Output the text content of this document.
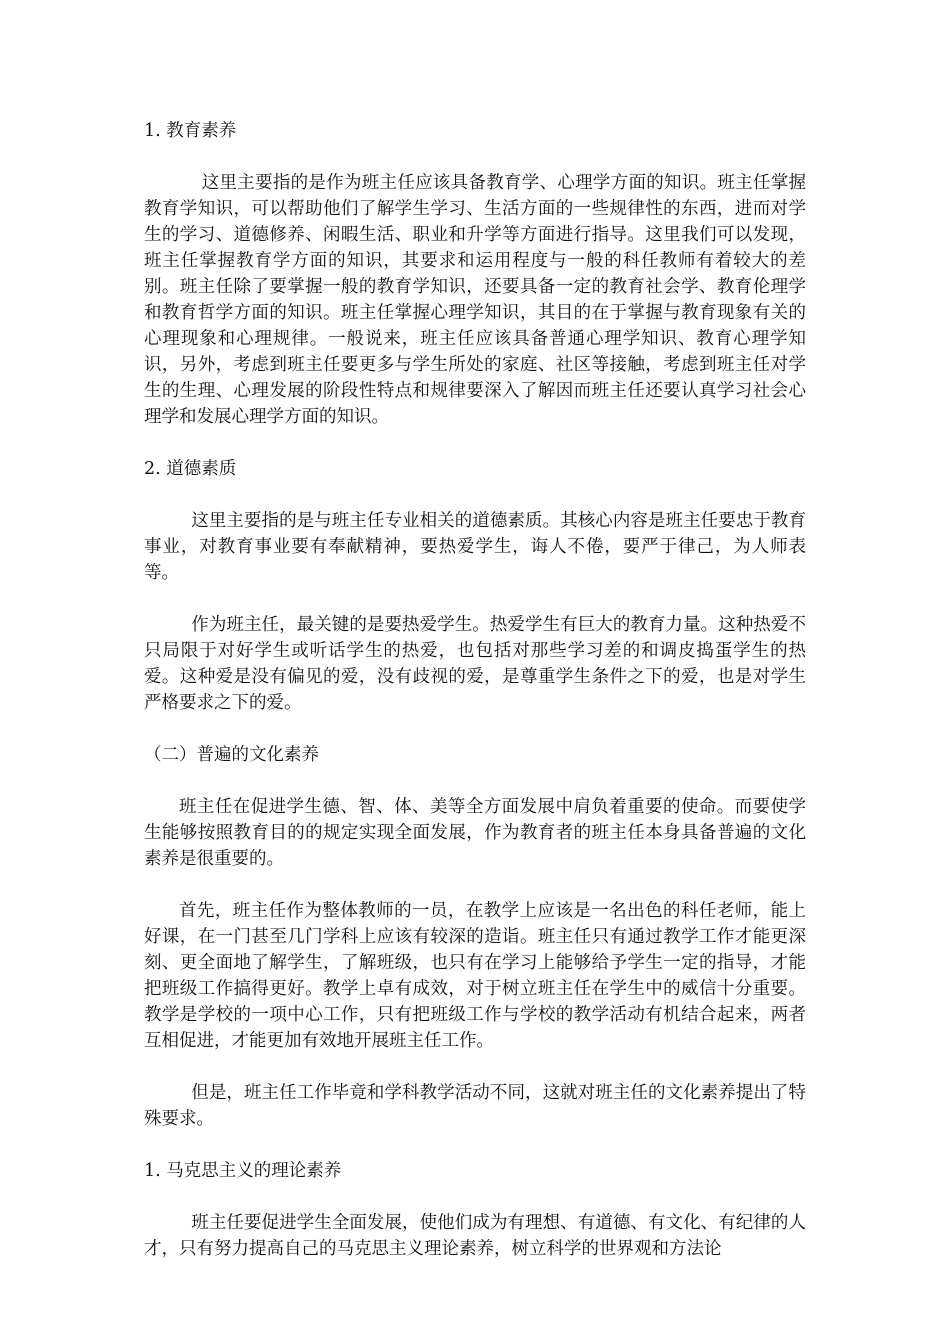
1. 教育素养

这里主要指的是作为班主任应该具备教育学、心理学方面的知识。班主任掌握教育学知识，可以帮助他们了解学生学习、生活方面的一些规律性的东西，进而对学生的学习、道德修养、闲暇生活、职业和升学等方面进行指导。这里我们可以发现，班主任掌握教育学方面的知识，其要求和运用程度与一般的科任教师有着较大的差别。班主任除了要掌握一般的教育学知识，还要具备一定的教育社会学、教育伦理学和教育哲学方面的知识。班主任掌握心理学知识，其目的在于掌握与教育现象有关的心理现象和心理规律。一般说来，班主任应该具备普通心理学知识、教育心理学知识，另外，考虑到班主任要更多与学生所处的家庭、社区等接触，考虑到班主任对学生的生理、心理发展的阶段性特点和规律要深入了解因而班主任还要认真学习社会心理学和发展心理学方面的知识。

2. 道德素质

这里主要指的是与班主任专业相关的道德素质。其核心内容是班主任要忠于教育事业，对教育事业要有奉献精神，要热爱学生，诲人不倦，要严于律己，为人师表等。

作为班主任，最关键的是要热爱学生。热爱学生有巨大的教育力量。这种热爱不只局限于对好学生或听话学生的热爱，也包括对那些学习差的和调皮捣蛋学生的热爱。这种爱是没有偏见的爱，没有歧视的爱，是尊重学生条件之下的爱，也是对学生严格要求之下的爱。

（二）普遍的文化素养

班主任在促进学生德、智、体、美等全方面发展中肩负着重要的使命。而要使学生能够按照教育目的的规定实现全面发展，作为教育者的班主任本身具备普遍的文化素养是很重要的。

首先，班主任作为整体教师的一员，在教学上应该是一名出色的科任老师，能上好课，在一门甚至几门学科上应该有较深的造诣。班主任只有通过教学工作才能更深刻、更全面地了解学生，了解班级，也只有在学习上能够给予学生一定的指导，才能把班级工作搞得更好。教学上卓有成效，对于树立班主任在学生中的威信十分重要。教学是学校的一项中心工作，只有把班级工作与学校的教学活动有机结合起来，两者互相促进，才能更加有效地开展班主任工作。

但是，班主任工作毕竟和学科教学活动不同，这就对班主任的文化素养提出了特殊要求。

1. 马克思主义的理论素养

班主任要促进学生全面发展，使他们成为有理想、有道德、有文化、有纪律的人才，只有努力提高自己的马克思主义理论素养，树立科学的世界观和方法论
